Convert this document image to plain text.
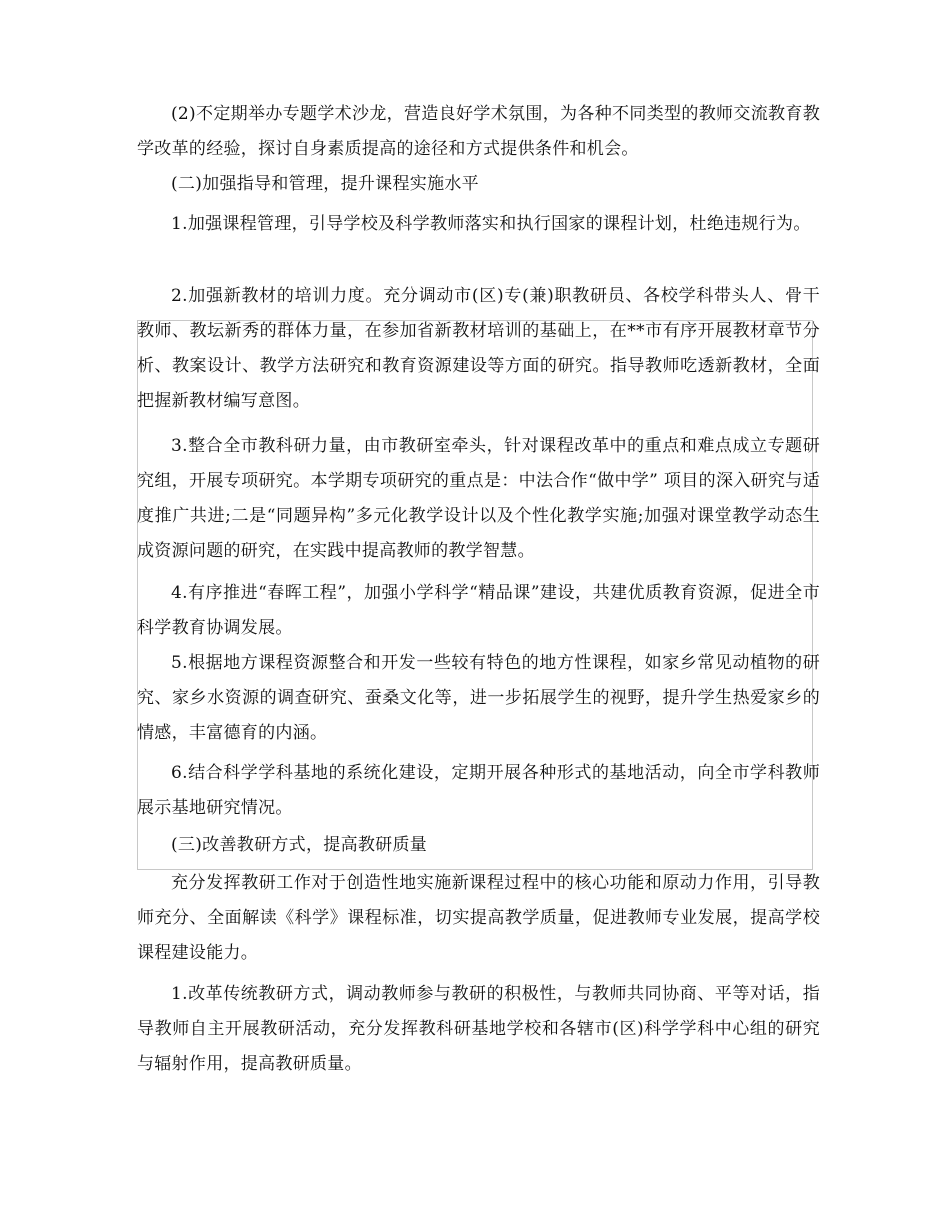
(2)不定期举办专题学术沙龙，营造良好学术氛围，为各种不同类型的教师交流教育教学改革的经验，探讨自身素质提高的途径和方式提供条件和机会。

(二)加强指导和管理，提升课程实施水平

1.加强课程管理，引导学校及科学教师落实和执行国家的课程计划，杜绝违规行为。

2.加强新教材的培训力度。充分调动市(区)专(兼)职教研员、各校学科带头人、骨干教师、教坛新秀的群体力量，在参加省新教材培训的基础上，在**市有序开展教材章节分析、教案设计、教学方法研究和教育资源建设等方面的研究。指导教师吃透新教材，全面把握新教材编写意图。

3.整合全市教科研力量，由市教研室牵头，针对课程改革中的重点和难点成立专题研究组，开展专项研究。本学期专项研究的重点是：中法合作“做中学” 项目的深入研究与适度推广共进;二是“同题异构”多元化教学设计以及个性化教学实施;加强对课堂教学动态生成资源问题的研究，在实践中提高教师的教学智慧。

4.有序推进“春晖工程”，加强小学科学“精品课”建设，共建优质教育资源，促进全市科学教育协调发展。

5.根据地方课程资源整合和开发一些较有特色的地方性课程，如家乡常见动植物的研究、家乡水资源的调查研究、蚕桑文化等，进一步拓展学生的视野，提升学生热爱家乡的情感，丰富德育的内涵。

6.结合科学学科基地的系统化建设，定期开展各种形式的基地活动，向全市学科教师展示基地研究情况。

(三)改善教研方式，提高教研质量

充分发挥教研工作对于创造性地实施新课程过程中的核心功能和原动力作用，引导教师充分、全面解读《科学》课程标准，切实提高教学质量，促进教师专业发展，提高学校课程建设能力。

1.改革传统教研方式，调动教师参与教研的积极性，与教师共同协商、平等对话，指导教师自主开展教研活动，充分发挥教科研基地学校和各辖市(区)科学学科中心组的研究与辐射作用，提高教研质量。
